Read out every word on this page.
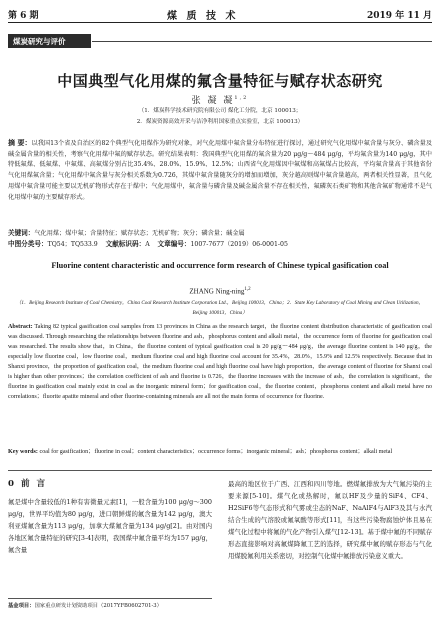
第 6 期	煤 质 技 术	2019 年 11 月
煤炭研究与评价
中国典型气化用煤的氟含量特征与赋存状态研究
张 凝 凝$^{1,2}$
（1．煤炭科学技术研究院有限公司 煤化工分院，北京 100013；
2．煤炭资源高效开采与洁净利用国家重点实验室，北京 100013）
摘 要：以我国13个省及自治区的82个典型气化用煤作为研究对象，对气化用煤中氟含量分布特征进行探讨，通过研究气化用煤中氟含量与灰分、磷含量及碱金属含量的相关性，考察气化用煤中氟的赋存状态。研究结果表明：我国典型气化用煤的氟含量为20 μg/g～484 μg/g，平均氟含量为140 μg/g，其中特低氟煤、低氟煤、中氟煤、高氟煤分别占比35.4%、28.0%、15.9%、12.5%；山西省气化用煤因中氟煤和高氟煤占比较高，平均氟含量高于其他省份气化用煤氟含量；气化用煤中氟含量与灰分相关系数为0.726，其煤中氟含量随灰分的增加而增加，灰分越高则煤中氟含量越高，两者相关性显著，且气化用煤中氟含量可能主要以无机矿物形式存在于煤中；气化用煤中，氟含量与磷含量及碱金属含量不存在相关性，氟磷灰石类矿物和其他含氟矿物通常不是气化用煤中氟的主要赋存形式。
关键词：气化用煤；煤中氟；含量特征；赋存状态；无机矿物；灰分；磷含量；碱金属
中图分类号：TQ54；TQ533.9 文献标识码：A 文章编号：1007-7677（2019）06-0001-05
Fluorine content characteristic and occurrence form research of Chinese typical gasification coal
ZHANG Ning-ning$^{1,2}$
（1．Beijing Research Institute of Coal Chemistry，China Coal Research Institute Corporation Ltd.，Beijing 100013，China；2．State Key Laboratory of Coal Mining and Clean Utilization，Beijing 100013，China）
Abstract: Taking 82 typical gasification coal samples from 13 provinces in China as the research target，the fluorine content distribution characteristic of gasification coal was discussed. Through researching the relationships between fluorine and ash，phosphorus content and alkali metal，the occurrence form of fluorine for gasification coal was researched. The results show that，in China，the fluorine content of typical gasification coal is 20 μg/g～484 μg/g，the average fluorine content is 140 μg/g，the especially low fluorine coal，low fluorine coal，medium fluorine coal and high fluorine coal account for 35.4%，28.0%，15.9% and 12.5% respectively. Because that in Shanxi province，the proportion of gasification coal，the medium fluorine coal and high fluorine coal have high proportion，the average content of fluorine for Shanxi coal is higher than other provinces；the correlation coefficient of ash and fluorine is 0.726，the fluorine increases with the increase of ash，the correlation is significant，the fluorine in gasification coal mainly exist in coal as the inorganic mineral form；for gasification coal，the fluorine content，phosphorus content and alkali metal have no correlations；fluorite apatite mineral and other fluorine-containing minerals are all not the main forms of occurrence for fluorine.
Key words: coal for gasification；fluorine in coal；content characteristics；occurrence forms；inorganic mineral；ash；phosphorus content；alkali metal
0 前 言
氟是煤中含量较低的1种有害微量元素[1]，一般含量为100 μg/g～300 μg/g，世界平均值为80 μg/g，进口朝鲜煤的氟含量为142 μg/g，澳大利亚煤氟含量为113 μg/g，加拿大煤氟含量为134 μg/g[2]。由对国内各地区氟含量特征的研究[3-4]表明，我国煤中氟含量平均为157 μg/g，氟含量
最高的地区位于广西、江西和四川等地。燃煤氟排放为大气氟污染的主要来源[5-10]。煤气化或热解时，氟以HF及少量的SiF4、CF4、H2SiF6等气态形式和气雾或尘态的NaF、NaAlF4与AlF3及其与水汽结合生成的气溶胶或氟氧酸等形式[11]，当这些污染物腐蚀炉体且易在煤气化过程中将氟的气化产物引入煤气[12-13]。基于煤中氟的不同赋存形态直接影响对高氟煤降氟工艺的选择，研究煤中氟的赋存形态与气化用煤脱氟利用关系密切，对控制气化煤中氟排放污染意义重大。
基金项目：国家重点研发计划资助项目（2017YFB0602701-3）
